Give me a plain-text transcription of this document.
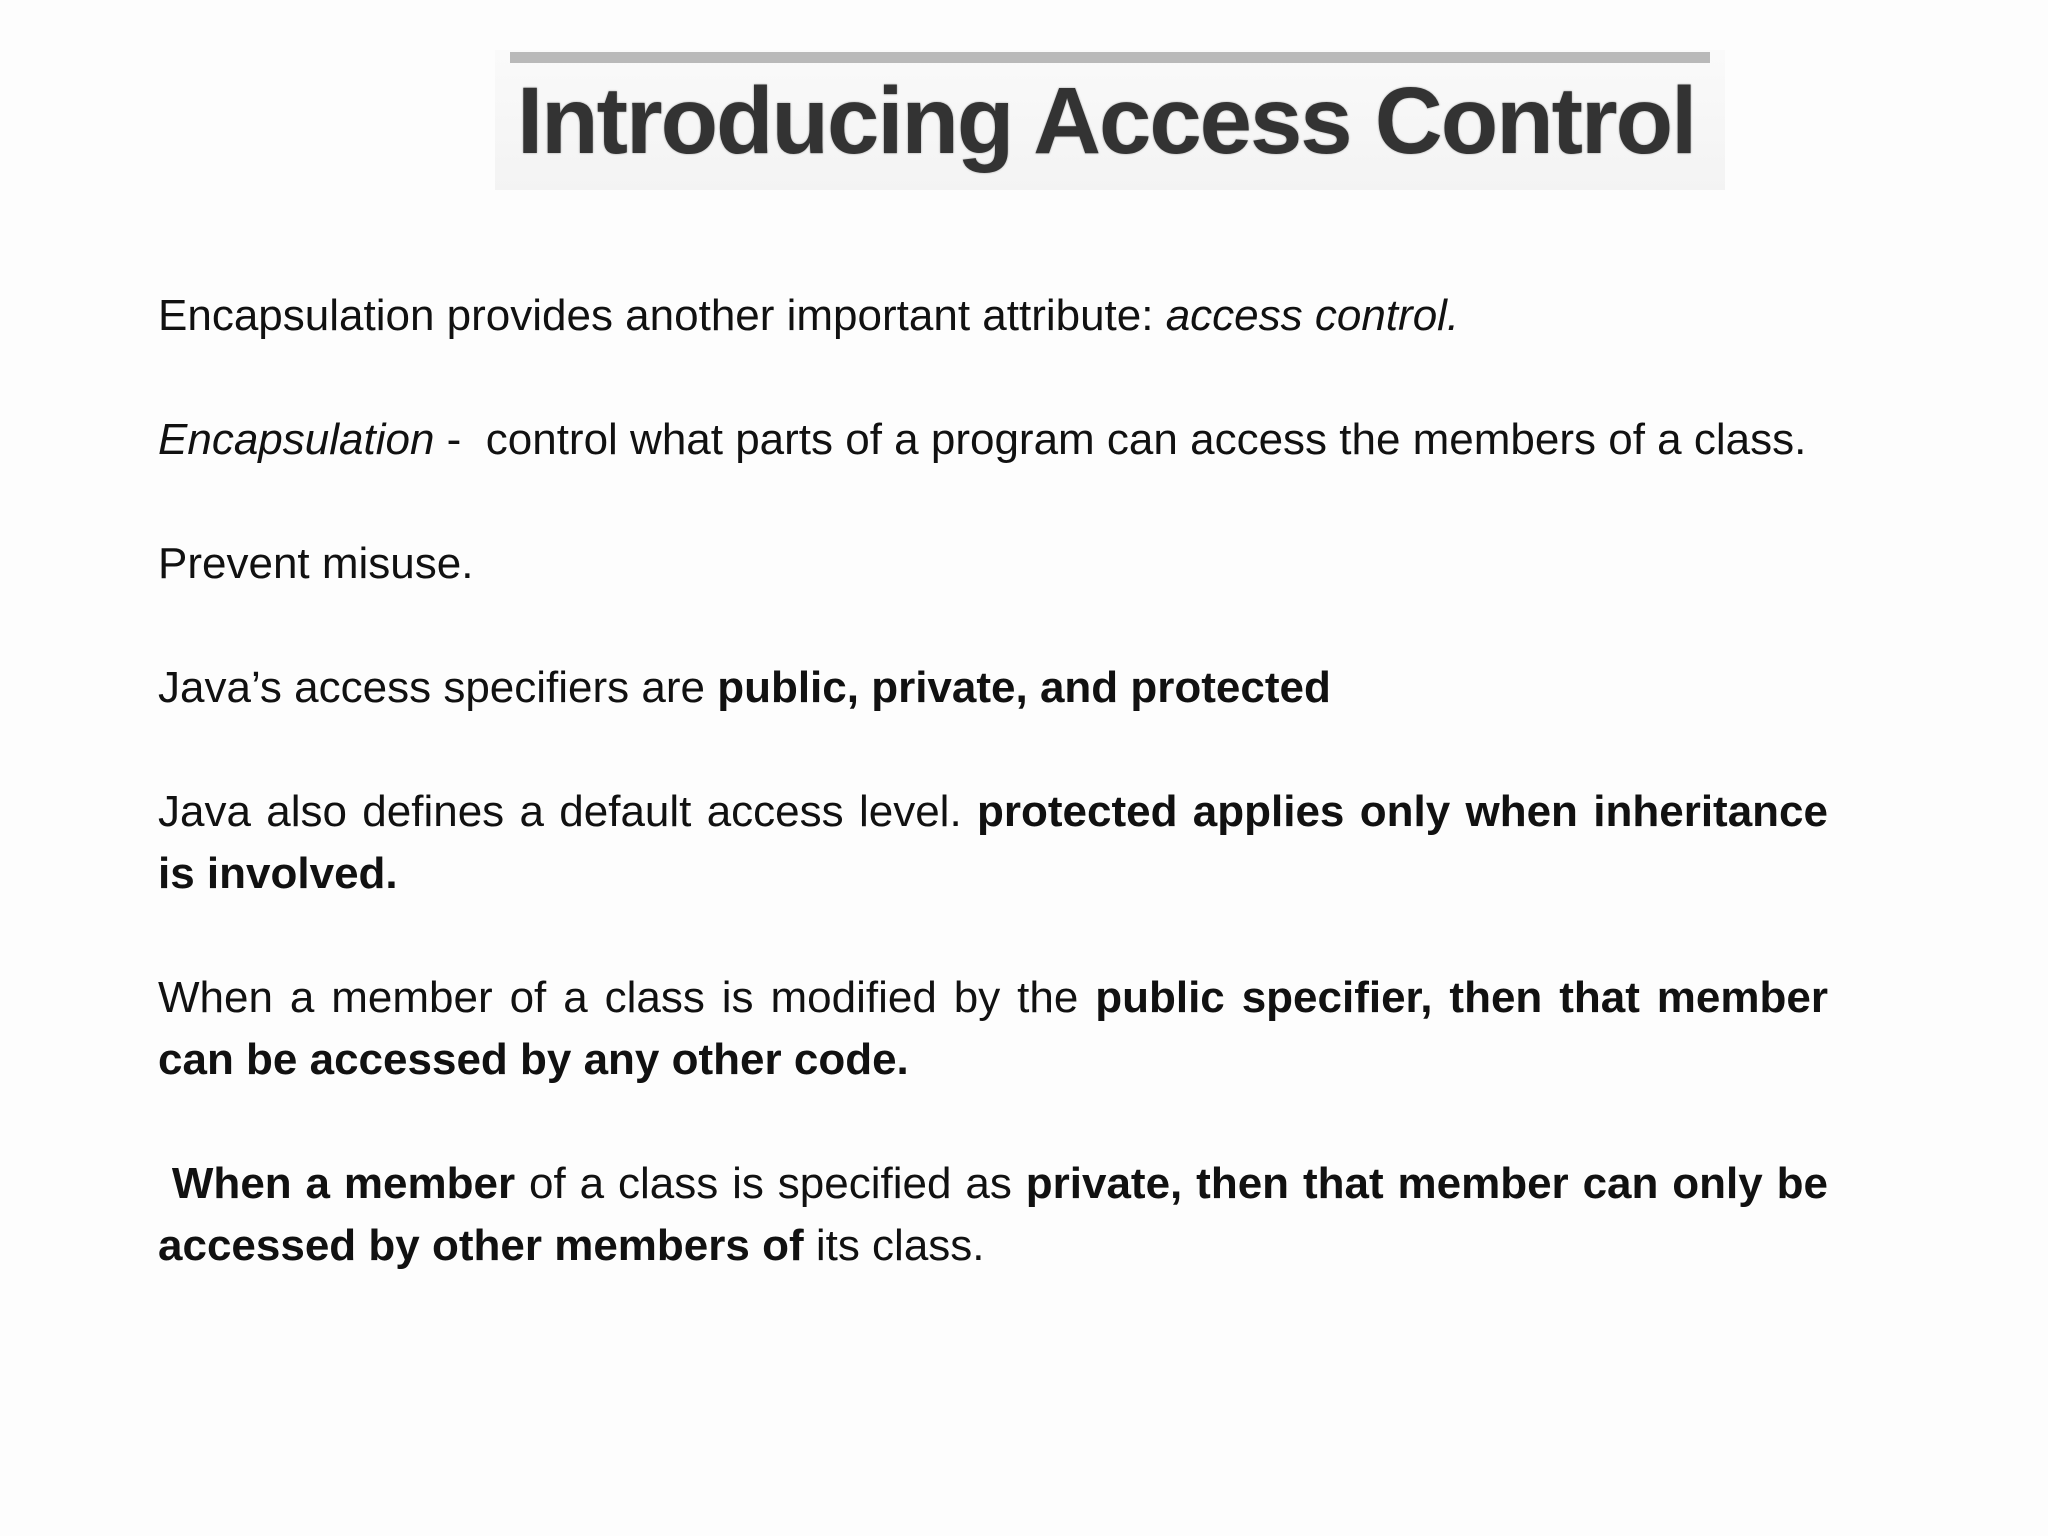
Introducing Access Control

Encapsulation provides another important attribute: access control.

Encapsulation -  control what parts of a program can access the members of a class.

Prevent misuse.

Java’s access specifiers are public, private, and protected

Java also defines a default access level. protected applies only when inheritance is involved.

When a member of a class is modified by the public specifier, then that member can be accessed by any other code.

When a member of a class is specified as private, then that member can only be accessed by other members of its class.
